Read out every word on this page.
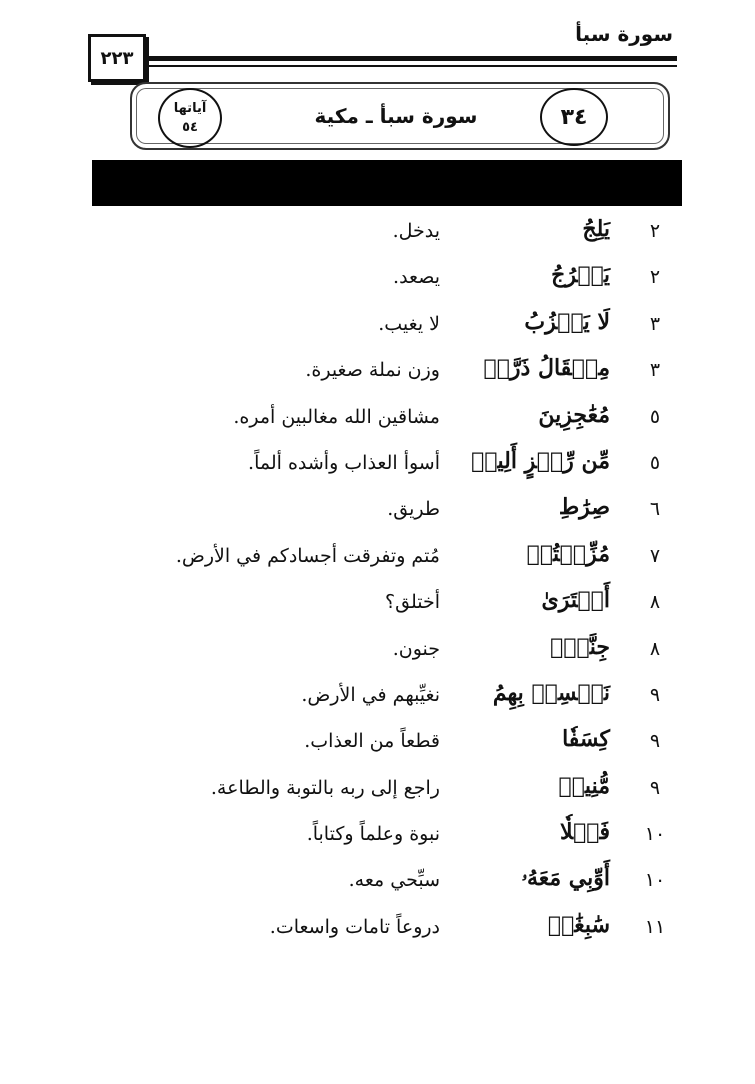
سورة سبأ
٢٢٣
آياتها
٥٤	سورة سبأ ـ مكية	٣٤
٢
يَلِجُ
يدخل.
٢
يَعۡرُجُ
يصعد.
٣
لَا يَعۡزُبُ
لا يغيب.
٣
مِثۡقَالُ ذَرَّةٖ
وزن نملة صغيرة.
٥
مُعَٰجِزِينَ
مشاقين الله مغالبين أمره.
٥
مِّن رِّجۡزٍ أَلِيمٞ
أسوأ العذاب وأشده ألماً.
٦
صِرَٰطِ
طريق.
٧
مُزِّقۡتُمۡ
مُتم وتفرقت أجسادكم في الأرض.
٨
أَفۡتَرَىٰ
أختلق؟
٨
جِنَّةُۢ
جنون.
٩
نَخۡسِفۡ بِهِمُ
نغيِّبهم في الأرض.
٩
كِسَفٗا
قطعاً من العذاب.
٩
مُّنِيبٖ
راجع إلى ربه بالتوبة والطاعة.
١٠
فَضۡلٗا
نبوة وعلماً وكتاباً.
١٠
أَوِّبِي مَعَهُۥ
سبِّحي معه.
١١
سَٰبِغَٰتٖ
دروعاً تامات واسعات.
